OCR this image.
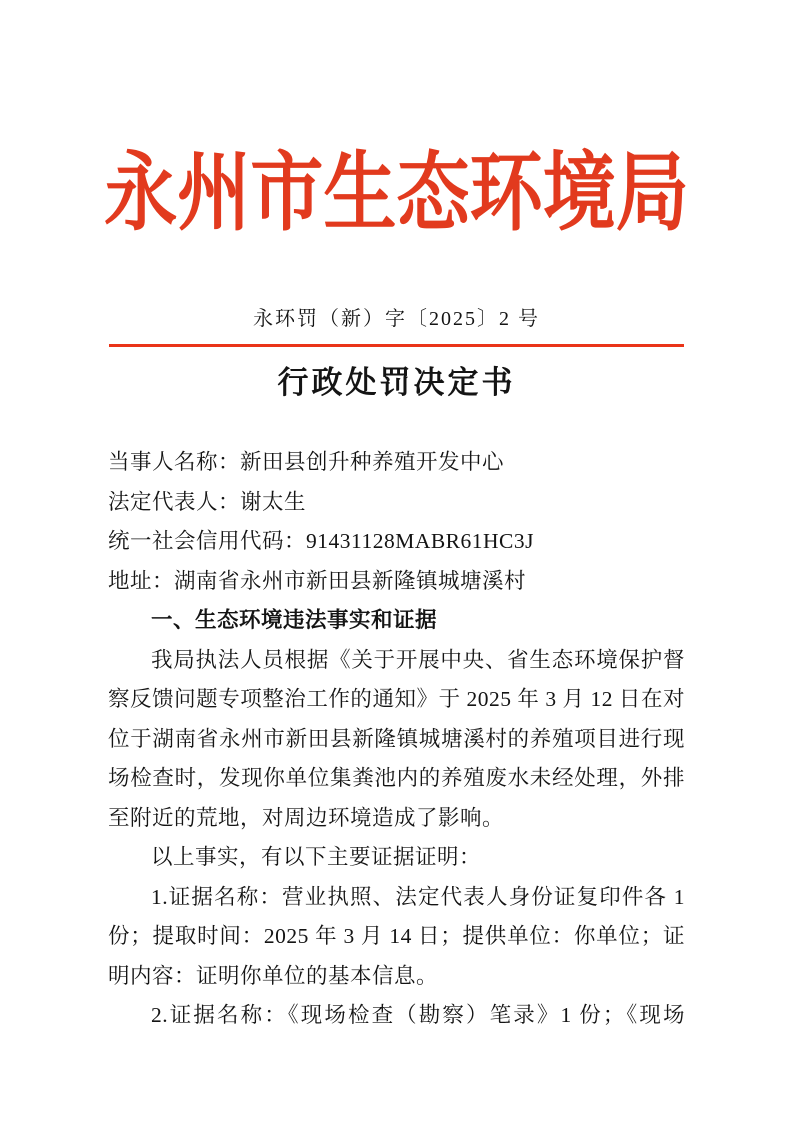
永州市生态环境局
永环罚（新）字〔2025〕2 号
行政处罚决定书

当事人名称：新田县创升种养殖开发中心

法定代表人：谢太生

统一社会信用代码：91431128MABR61HC3J

地址：湖南省永州市新田县新隆镇城塘溪村

一、生态环境违法事实和证据

我局执法人员根据《关于开展中央、省生态环境保护督察反馈问题专项整治工作的通知》于 2025 年 3 月 12 日在对位于湖南省永州市新田县新隆镇城塘溪村的养殖项目进行现场检查时，发现你单位集粪池内的养殖废水未经处理，外排至附近的荒地，对周边环境造成了影响。

以上事实，有以下主要证据证明：

1.证据名称：营业执照、法定代表人身份证复印件各 1 份；提取时间：2025 年 3 月 14 日；提供单位：你单位；证明内容：证明你单位的基本信息。

2.证据名称：《现场检查（勘察）笔录》1 份；《现场
